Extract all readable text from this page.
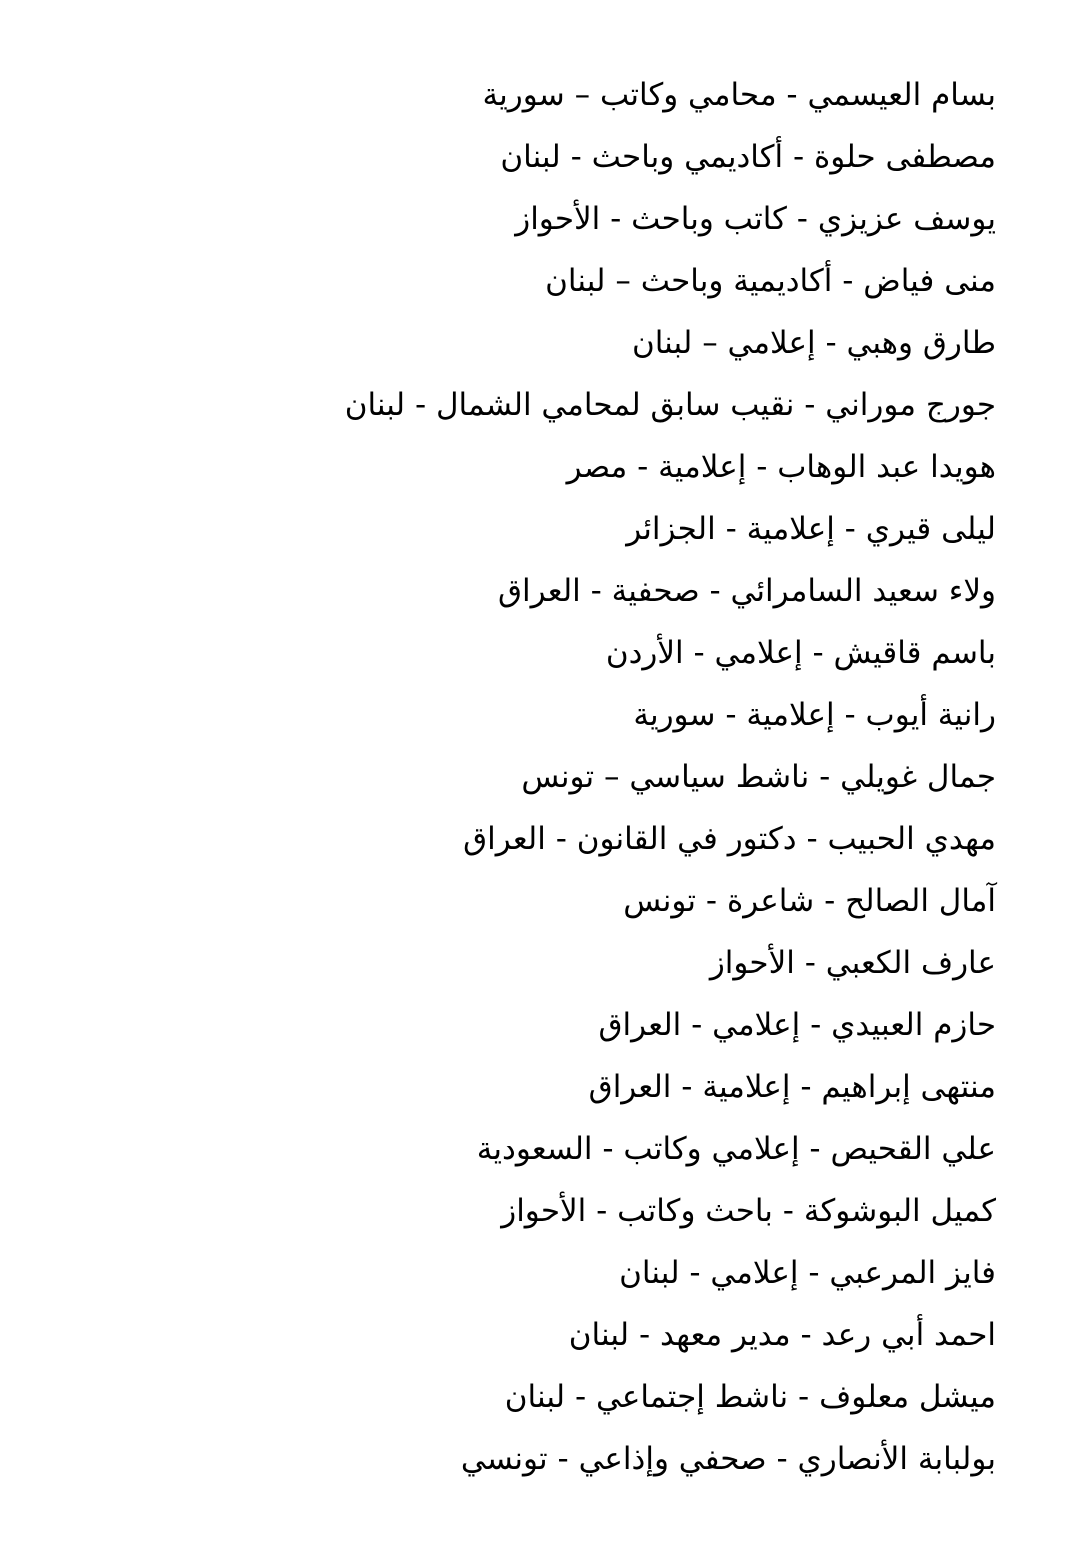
بسام العيسمي - محامي وكاتب – سورية
مصطفى حلوة - أكاديمي وباحث - لبنان
يوسف عزيزي - كاتب وباحث - الأحواز
منى فياض - أكاديمية وباحث – لبنان
طارق وهبي - إعلامي – لبنان
جورج موراني - نقيب سابق لمحامي الشمال - لبنان
هويدا عبد الوهاب - إعلامية - مصر
ليلى قيري - إعلامية - الجزائر
ولاء سعيد السامرائي - صحفية - العراق
باسم قاقيش - إعلامي - الأردن
رانية أيوب - إعلامية - سورية
جمال غويلي - ناشط سياسي – تونس
مهدي الحبيب - دكتور في القانون - العراق
آمال الصالح - شاعرة - تونس
عارف الكعبي - الأحواز
حازم العبيدي - إعلامي - العراق
منتهى إبراهيم - إعلامية - العراق
علي القحيص - إعلامي وكاتب - السعودية
كميل البوشوكة - باحث وكاتب - الأحواز
فايز المرعبي - إعلامي - لبنان
احمد أبي رعد - مدير معهد - لبنان
ميشل معلوف - ناشط إجتماعي - لبنان
بولبابة الأنصاري - صحفي وإذاعي - تونسي
